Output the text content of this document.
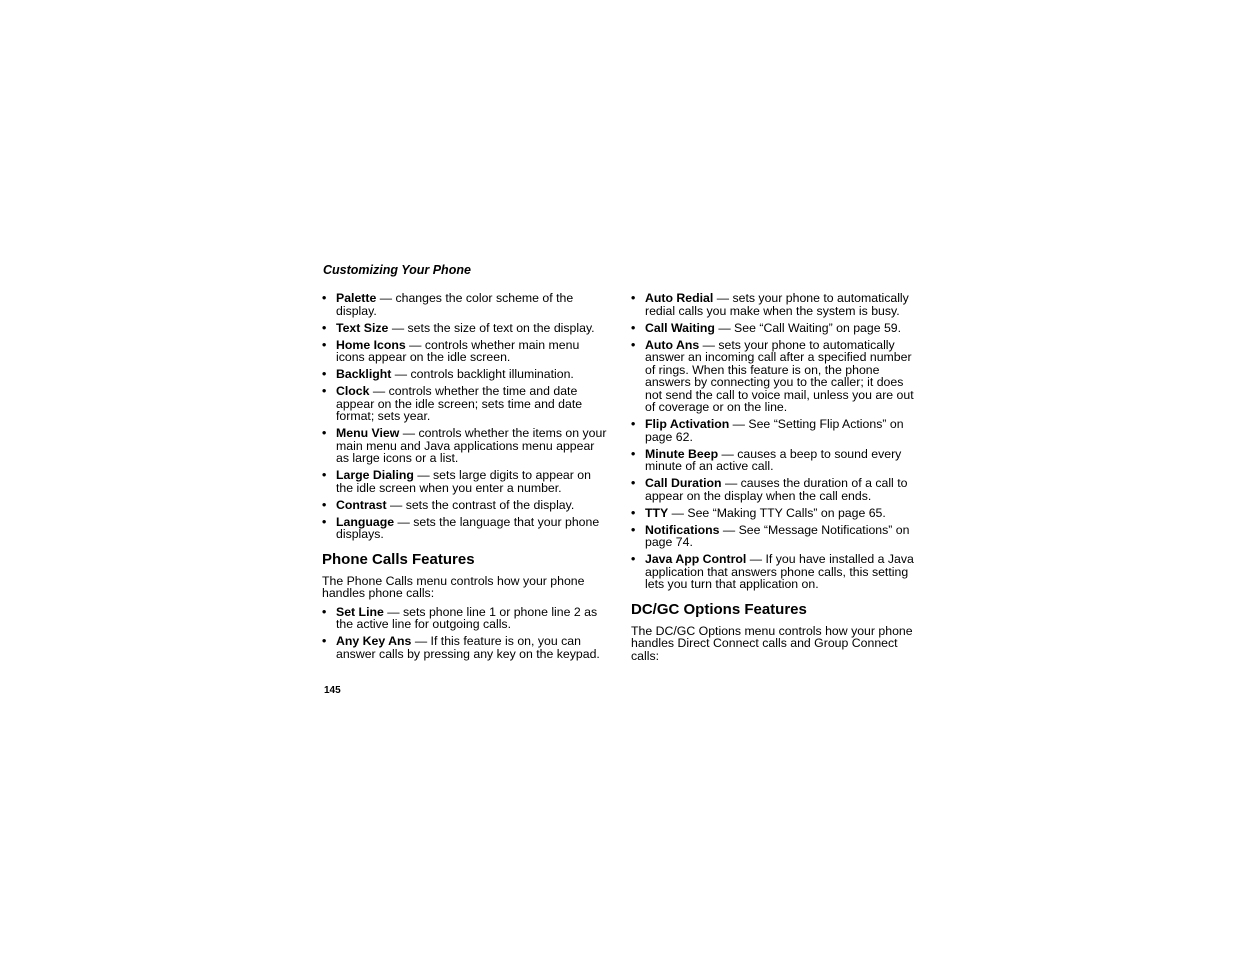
Customizing Your Phone
• Palette — changes the color scheme of the display.
• Text Size — sets the size of text on the display.
• Home Icons — controls whether main menu icons appear on the idle screen.
• Backlight — controls backlight illumination.
• Clock — controls whether the time and date appear on the idle screen; sets time and date format; sets year.
• Menu View — controls whether the items on your main menu and Java applications menu appear as large icons or a list.
• Large Dialing — sets large digits to appear on the idle screen when you enter a number.
• Contrast — sets the contrast of the display.
• Language — sets the language that your phone displays.
Phone Calls Features

The Phone Calls menu controls how your phone handles phone calls:

• Set Line — sets phone line 1 or phone line 2 as the active line for outgoing calls.
• Any Key Ans — If this feature is on, you can answer calls by pressing any key on the keypad.
• Auto Redial — sets your phone to automatically redial calls you make when the system is busy.
• Call Waiting — See “Call Waiting” on page 59.
• Auto Ans — sets your phone to automatically answer an incoming call after a specified number of rings. When this feature is on, the phone answers by connecting you to the caller; it does not send the call to voice mail, unless you are out of coverage or on the line.
• Flip Activation — See “Setting Flip Actions” on page 62.
• Minute Beep — causes a beep to sound every minute of an active call.
• Call Duration — causes the duration of a call to appear on the display when the call ends.
• TTY — See “Making TTY Calls” on page 65.
• Notifications — See “Message Notifications” on page 74.
• Java App Control — If you have installed a Java application that answers phone calls, this setting lets you turn that application on.
DC/GC Options Features

The DC/GC Options menu controls how your phone handles Direct Connect calls and Group Connect calls:

145
